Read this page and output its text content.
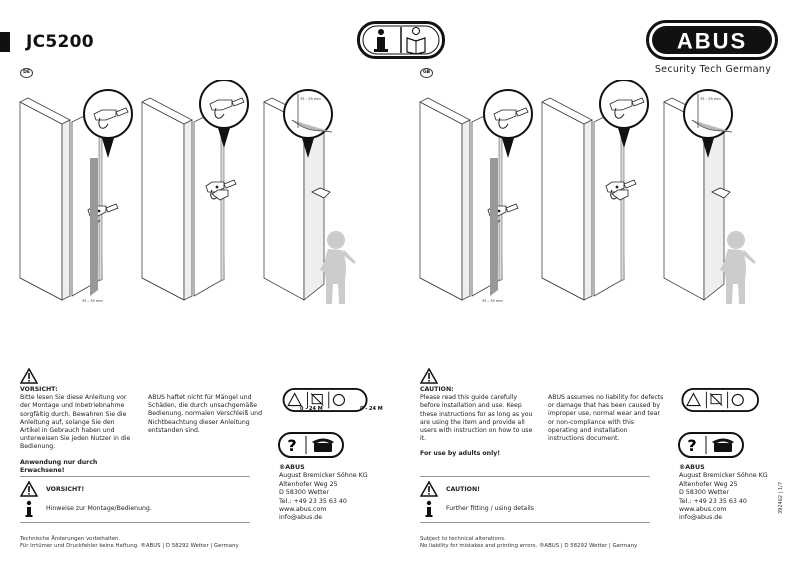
JC5200
DE	GB
ABUS
Security Tech Germany
35 – 55 mm
35 – 55 mm
35 – 55 mm
35 – 55 mm
VORSICHT:

Bitte lesen Sie diese Anleitung vor der Montage und Inbetriebnahme sorgfältig durch. Bewahren Sie die Anleitung auf, solange Sie den Artikel in Gebrauch haben und unterweisen Sie jeden Nutzer in die Bedienung.

Anwendung nur durch Erwachsene!

ABUS haftet nicht für Mängel und Schäden, die durch unsachgemäße Bedienung, normalen Verschleiß und Nichtbeachtung dieser Anleitung entstanden sind.
0 - 24 M	0 - 24 M
?
®ABUS
August Bremicker Söhne KG
Altenhofer Weg 25
D 58300 Wetter
Tel.: +49 23 35 63 40
www.abus.com
info@abus.de
VORSICHT!
Hinweise zur Montage/Bedienung.
Technische Änderungen vorbehalten.
Für Irrtümer und Druckfehler keine Haftung. ®ABUS | D 58292 Wetter | Germany
CAUTION:

Please read this guide carefully before installation and use. Keep these instructions for as long as you are using the item and provide all users with instruction on how to use it.

For use by adults only!

ABUS assumes no liability for defects or damage that has been caused by improper use, normal wear and tear or non-compliance with this operating and installation instructions document.	?
®ABUS
August Bremicker Söhne KG
Altenhofer Weg 25
D 58300 Wetter
Tel.: +49 23 35 63 40
www.abus.com
info@abus.de
CAUTION!
Further fitting / using details
Subject to technical alterations.
No liability for mistakes and printing errors. ®ABUS | D 58292 Wetter | Germany
392462 | 1/7
